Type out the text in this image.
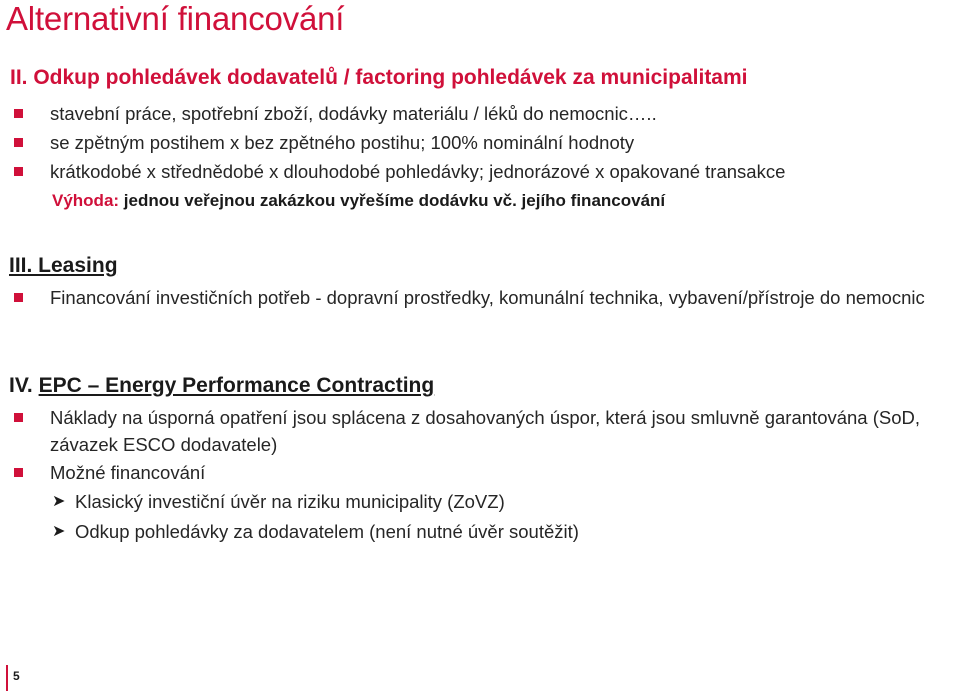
Alternativní financování
II. Odkup pohledávek dodavatelů / factoring pohledávek za municipalitami
stavební práce, spotřební zboží, dodávky materiálu / léků do nemocnic…..
se zpětným postihem x bez zpětného postihu; 100% nominální hodnoty
krátkodobé x střednědobé x dlouhodobé pohledávky; jednorázové x opakované transakce
Výhoda: jednou veřejnou zakázkou vyřešíme dodávku vč. jejího financování
III. Leasing
Financování investičních potřeb - dopravní prostředky, komunální technika, vybavení/přístroje do nemocnic
IV. EPC – Energy Performance Contracting
Náklady na úsporná opatření jsou splácena z dosahovaných úspor, která jsou smluvně garantována (SoD, závazek ESCO dodavatele)
Možné financování
➤ Klasický investiční úvěr na riziku municipality (ZoVZ)
➤ Odkup pohledávky za dodavatelem (není nutné úvěr soutěžit)
5
